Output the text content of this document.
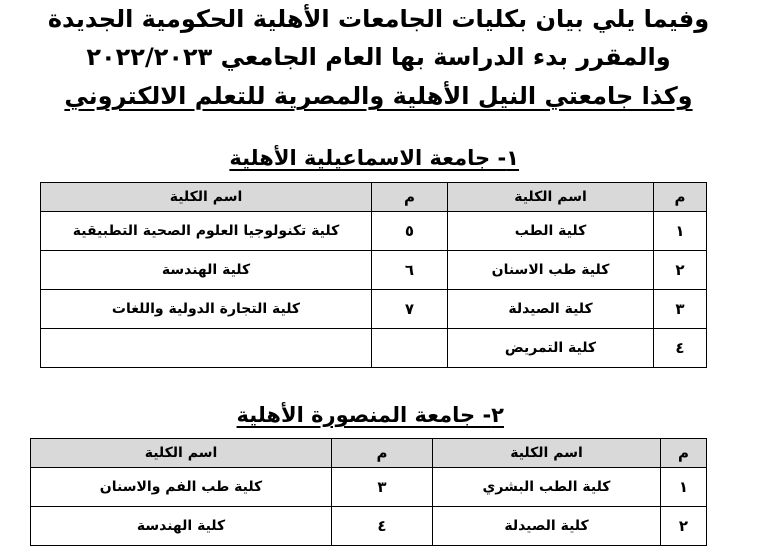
وفيما يلي بيان بكليات الجامعات الأهلية الحكومية الجديدة
والمقرر بدء الدراسة بها العام الجامعي ٢٠٢٢/٢٠٢٣
وكذا جامعتي النيل الأهلية والمصرية للتعلم الالكتروني
١- جامعة الاسماعيلية الأهلية
م	اسم الكلية	م	اسم الكلية
١	كلية الطب	٥	كلية تكنولوجيا العلوم الصحية التطبيقية
٢	كلية طب الاسنان	٦	كلية الهندسة
٣	كلية الصيدلة	٧	كلية التجارة الدولية واللغات
٤	كلية التمريض		
٢- جامعة المنصورة الأهلية
م	اسم الكلية	م	اسم الكلية
١	كلية الطب البشري	٣	كلية طب الفم والاسنان
٢	كلية الصيدلة	٤	كلية الهندسة
